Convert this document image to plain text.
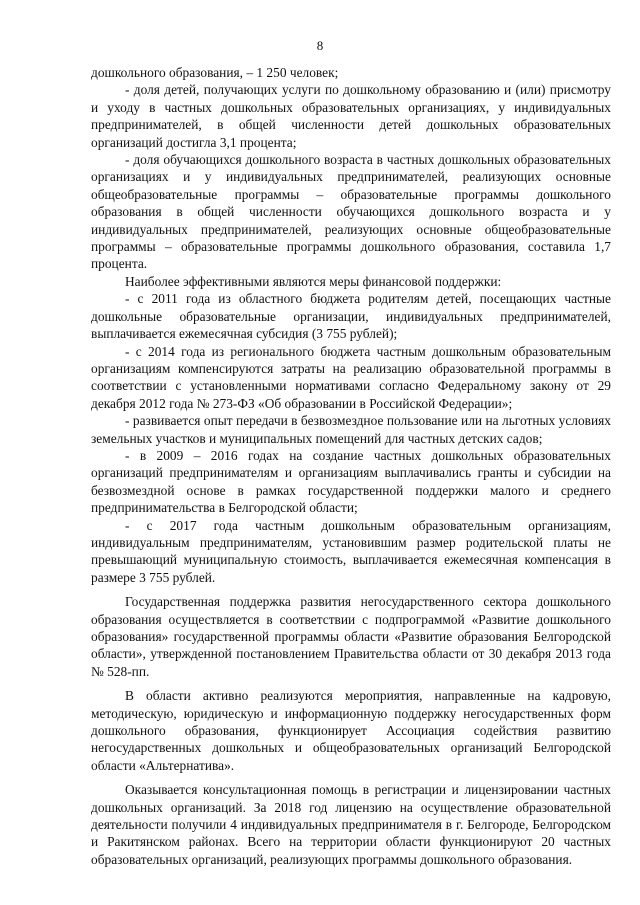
8

дошкольного образования, – 1 250 человек;

- доля детей, получающих услуги по дошкольному образованию и (или) присмотру и уходу в частных дошкольных образовательных организациях, у индивидуальных предпринимателей, в общей численности детей дошкольных образовательных организаций достигла 3,1 процента;

- доля обучающихся дошкольного возраста в частных дошкольных образовательных организациях и у индивидуальных предпринимателей, реализующих основные общеобразовательные программы – образовательные программы дошкольного образования в общей численности обучающихся дошкольного возраста и у индивидуальных предпринимателей, реализующих основные общеобразовательные программы – образовательные программы дошкольного образования, составила 1,7 процента.

Наиболее эффективными являются меры финансовой поддержки:

- с 2011 года из областного бюджета родителям детей, посещающих частные дошкольные образовательные организации, индивидуальных предпринимателей, выплачивается ежемесячная субсидия (3 755 рублей);

- с 2014 года из регионального бюджета частным дошкольным образовательным организациям компенсируются затраты на реализацию образовательной программы в соответствии с установленными нормативами согласно Федеральному закону от 29 декабря 2012 года № 273-ФЗ «Об образовании в Российской Федерации»;

- развивается опыт передачи в безвозмездное пользование или на льготных условиях земельных участков и муниципальных помещений для частных детских садов;

- в 2009 – 2016 годах на создание частных дошкольных образовательных организаций предпринимателям и организациям выплачивались гранты и субсидии на безвозмездной основе в рамках государственной поддержки малого и среднего предпринимательства в Белгородской области;

- с 2017 года частным дошкольным образовательным организациям, индивидуальным предпринимателям, установившим размер родительской платы не превышающий муниципальную стоимость, выплачивается ежемесячная компенсация в размере 3 755 рублей.

Государственная поддержка развития негосударственного сектора дошкольного образования осуществляется в соответствии с подпрограммой «Развитие дошкольного образования» государственной программы области «Развитие образования Белгородской области», утвержденной постановлением Правительства области от 30 декабря 2013 года № 528-пп.

В области активно реализуются мероприятия, направленные на кадровую, методическую, юридическую и информационную поддержку негосударственных форм дошкольного образования, функционирует Ассоциация содействия развитию негосударственных дошкольных и общеобразовательных организаций Белгородской области «Альтернатива».

Оказывается консультационная помощь в регистрации и лицензировании частных дошкольных организаций. За 2018 год лицензию на осуществление образовательной деятельности получили 4 индивидуальных предпринимателя в г. Белгороде, Белгородском и Ракитянском районах. Всего на территории области функционируют 20 частных образовательных организаций, реализующих программы дошкольного образования.
